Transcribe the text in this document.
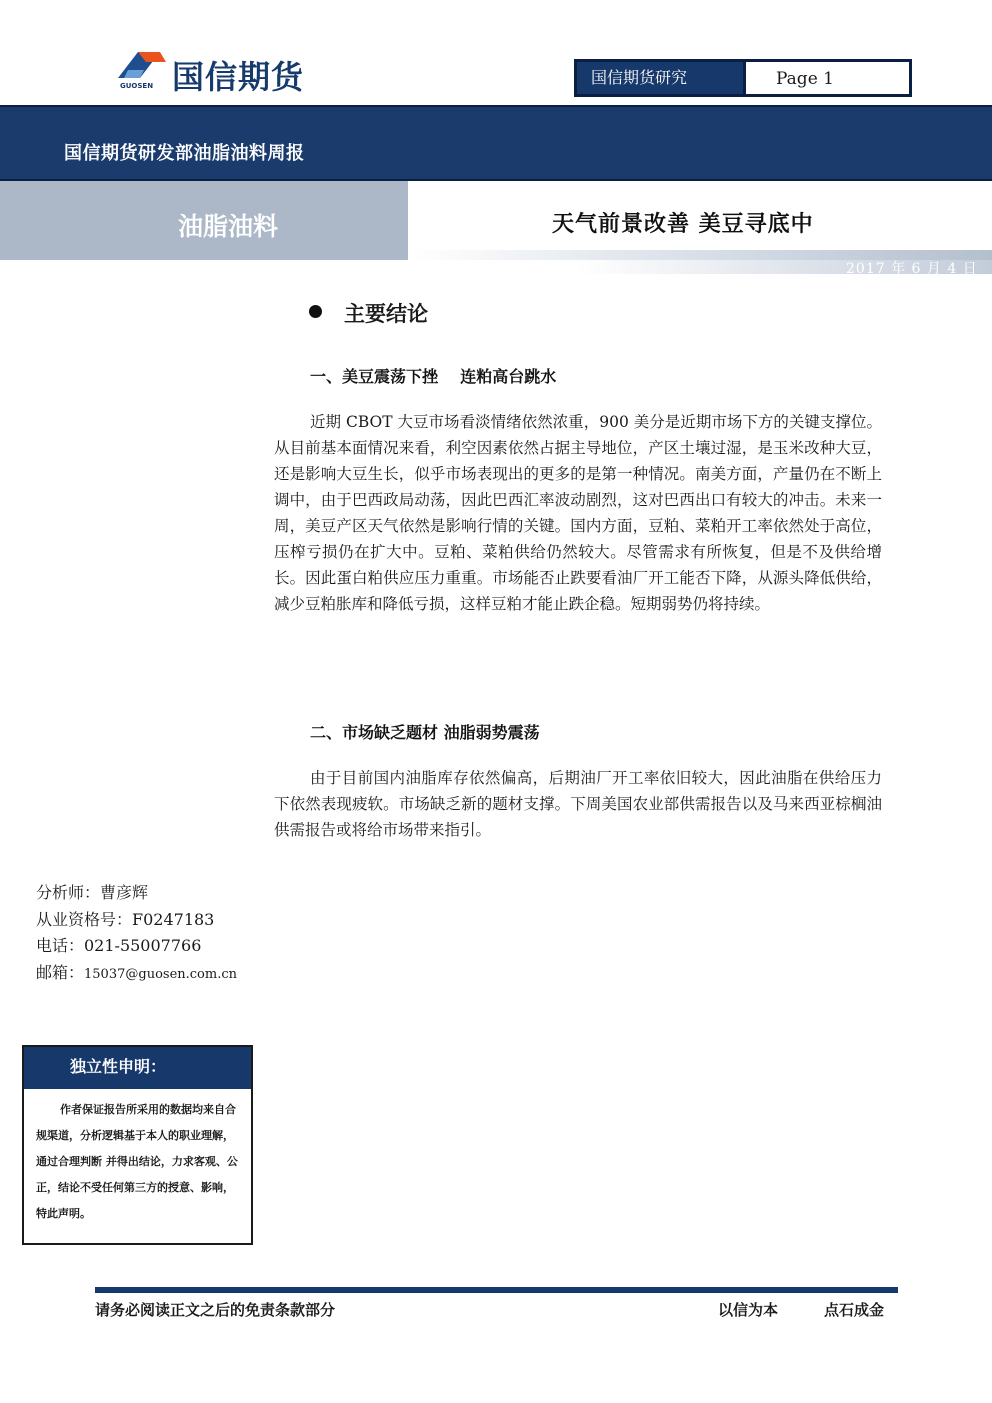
国信期货
GUOSEN	国信期货研究	Page 1
国信期货研发部油脂油料周报
油脂油料	天气前景改善 美豆寻底中
2017 年 6 月 4 日
主要结论
一、美豆震荡下挫    连粕高台跳水
近期 CBOT 大豆市场看淡情绪依然浓重，900 美分是近期市场下方的关键支撑位。从目前基本面情况来看，利空因素依然占据主导地位，产区土壤过湿，是玉米改种大豆，还是影响大豆生长，似乎市场表现出的更多的是第一种情况。南美方面，产量仍在不断上调中，由于巴西政局动荡，因此巴西汇率波动剧烈，这对巴西出口有较大的冲击。未来一周，美豆产区天气依然是影响行情的关键。国内方面，豆粕、菜粕开工率依然处于高位，压榨亏损仍在扩大中。豆粕、菜粕供给仍然较大。尽管需求有所恢复，但是不及供给增长。因此蛋白粕供应压力重重。市场能否止跌要看油厂开工能否下降，从源头降低供给，减少豆粕胀库和降低亏损，这样豆粕才能止跌企稳。短期弱势仍将持续。
二、市场缺乏题材 油脂弱势震荡
由于目前国内油脂库存依然偏高，后期油厂开工率依旧较大，因此油脂在供给压力下依然表现疲软。市场缺乏新的题材支撑。下周美国农业部供需报告以及马来西亚棕榈油供需报告或将给市场带来指引。
分析师：曹彦辉
从业资格号：F0247183
电话：021-55007766
邮箱：15037@guosen.com.cn
独立性申明：
作者保证报告所采用的数据均来自合规渠道，分析逻辑基于本人的职业理解，通过合理判断 并得出结论，力求客观、公正，结论不受任何第三方的授意、影响，特此声明。
请务必阅读正文之后的免责条款部分	以信为本	点石成金
